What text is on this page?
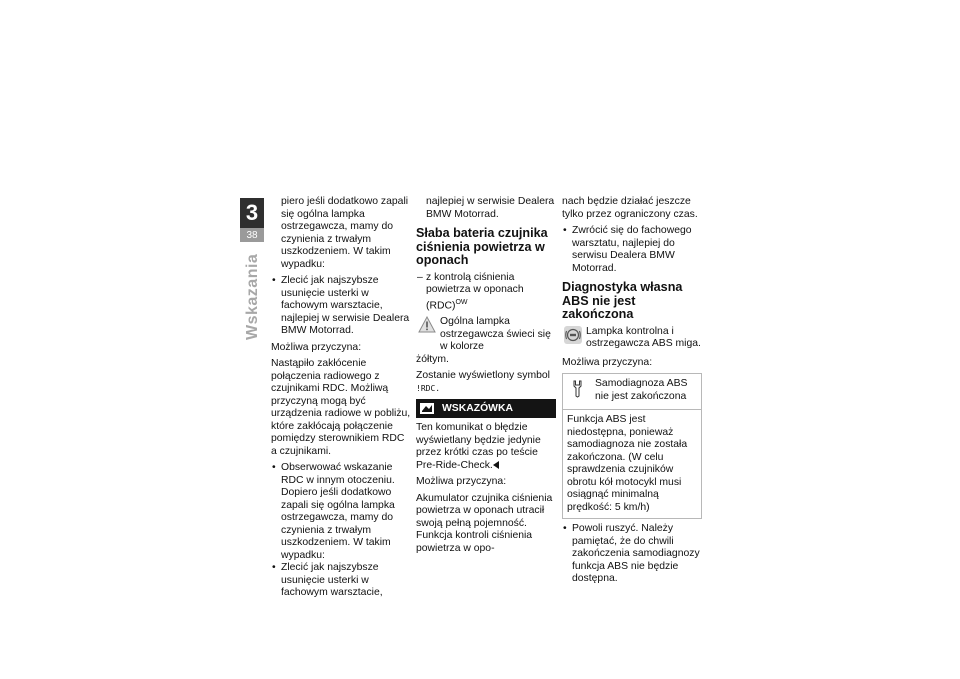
3
38
Wskazania

piero jeśli dodatkowo zapali się ogólna lampka ostrzegawcza, mamy do czynienia z trwałym uszkodzeniem. W takim wypadku:

• Zlecić jak najszybsze usunięcie usterki w fachowym warsztacie, najlepiej w serwisie Dealera BMW Motorrad.

Możliwa przyczyna:

Nastąpiło zakłócenie połączenia radiowego z czujnikami RDC. Możliwą przyczyną mogą być urządzenia radiowe w pobliżu, które zakłócają połączenie pomiędzy sterownikiem RDC a czujnikami.

• Obserwować wskazanie RDC w innym otoczeniu. Dopiero jeśli dodatkowo zapali się ogólna lampka ostrzegawcza, mamy do czynienia z trwałym uszkodzeniem. W takim wypadku:
• Zlecić jak najszybsze usunięcie usterki w fachowym warsztacie,

najlepiej w serwisie Dealera BMW Motorrad.

Słaba bateria czujnika ciśnienia powietrza w oponach
– z kontrolą ciśnienia powietrza w oponach (RDC)$^{OW}$
Ogólna lampka ostrzegawcza świeci się w kolorze

żółtym.

Zostanie wyświetlony symbol
!RDC.

WSKAZÓWKA

Ten komunikat o błędzie wyświetlany będzie jedynie przez krótki czas po teście Pre-Ride-Check.

Możliwa przyczyna:

Akumulator czujnika ciśnienia powietrza w oponach utracił swoją pełną pojemność. Funkcja kontroli ciśnienia powietrza w opo-

nach będzie działać jeszcze tylko przez ograniczony czas.

• Zwrócić się do fachowego warsztatu, najlepiej do serwisu Dealera BMW Motorrad.
Diagnostyka własna ABS nie jest zakończona
Lampka kontrolna i ostrzegawcza ABS miga.

Możliwa przyczyna:

Samodiagnoza ABS nie jest zakończona
Funkcja ABS jest niedostępna, ponieważ samodiagnoza nie została zakończona. (W celu sprawdzenia czujników obrotu kół motocykl musi osiągnąć minimalną prędkość: 5 km/h)
• Powoli ruszyć. Należy pamiętać, że do chwili zakończenia samodiagnozy funkcja ABS nie będzie dostępna.
